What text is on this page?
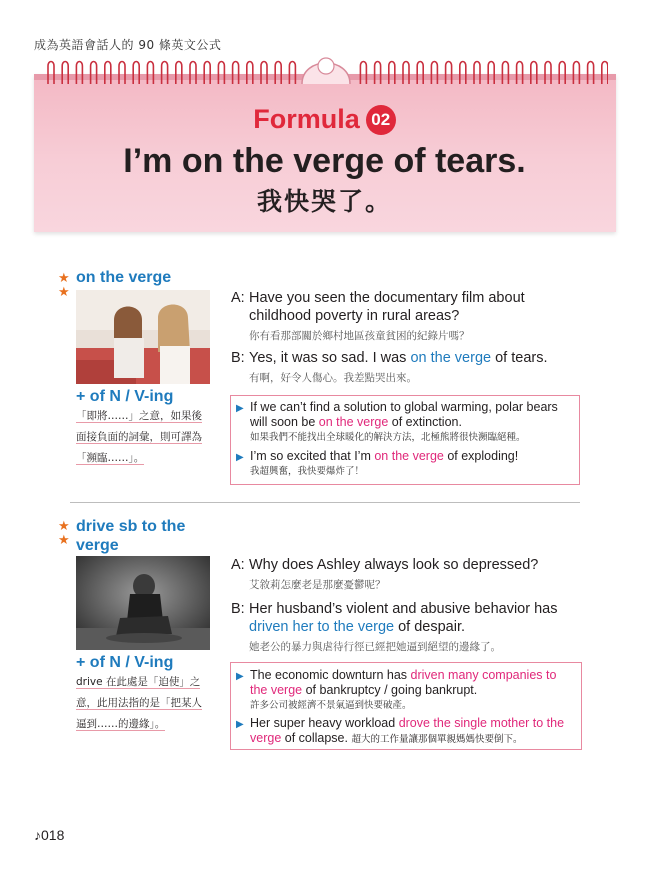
成為英語會話人的 90 條英文公式
Formula 02
I’m on the verge of tears.
我快哭了。
★
★
on the verge
+ of N / V-ing
「即將……」之意，如果後
面接負面的詞彙，則可譯為
「瀕臨……」。
A: Have you seen the documentary film about childhood poverty in rural areas?
你有看那部關於鄉村地區孩童貧困的紀錄片嗎？
B: Yes, it was so sad. I was on the verge of tears.
有啊，好令人傷心。我差點哭出來。
▶ If we can’t find a solution to global warming, polar bears will soon be on the verge of extinction.
如果我們不能找出全球暖化的解決方法，北極熊將很快瀕臨絕種。
▶ I’m so excited that I’m on the verge of exploding!
我超興奮，我快要爆炸了！
★
★
drive sb to the
verge
+ of N / V-ing
drive 在此處是「迫使」之
意，此用法指的是「把某人
逼到……的邊緣」。
A: Why does Ashley always look so depressed?
艾敘莉怎麼老是那麼憂鬱呢？
B: Her husband’s violent and abusive behavior has driven her to the verge of despair.
她老公的暴力與虐待行徑已經把她逼到絕望的邊緣了。
▶ The economic downturn has driven many companies to the verge of bankruptcy / going bankrupt.
許多公司被經濟不景氣逼到快要破產。
▶ Her super heavy workload drove the single mother to the verge of collapse. 超大的工作量讓那個單親媽媽快要倒下。
♪018
